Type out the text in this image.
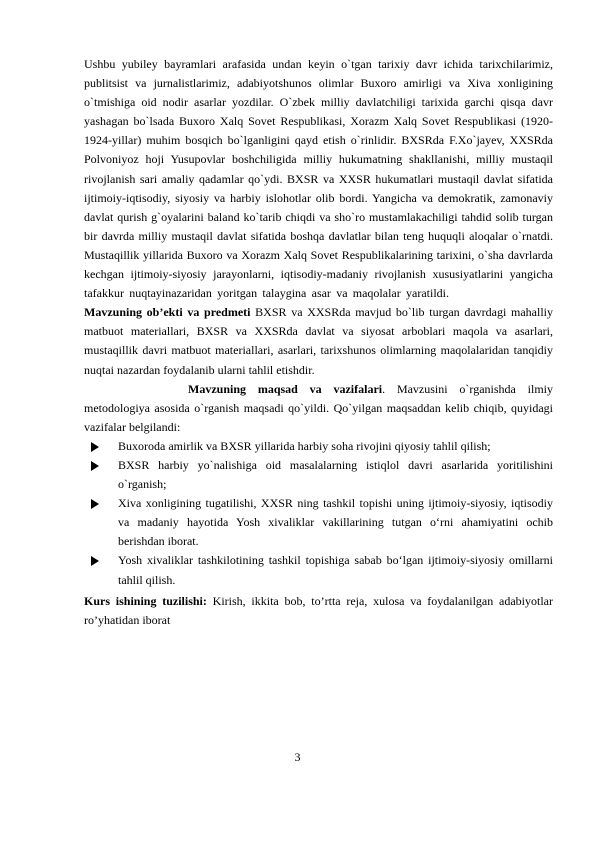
Ushbu yubiley bayramlari arafasida undan keyin o`tgan tarixiy davr ichida tarixchilarimiz, publitsist va jurnalistlarimiz, adabiyotshunos olimlar Buxoro amirligi va Xiva xonligining o`tmishiga oid nodir asarlar yozdilar. O`zbek milliy davlatchiligi tarixida garchi qisqa davr yashagan bo`lsada Buxoro Xalq Sovet Respublikasi, Xorazm Xalq Sovet Respublikasi (1920-1924-yillar) muhim bosqich bo`lganligini qayd etish o`rinlidir. BXSRda F.Xo`jayev, XXSRda Polvoniyoz hoji Yusupovlar boshchiligida milliy hukumatning shakllanishi, milliy mustaqil rivojlanish sari amaliy qadamlar qo`ydi. BXSR va XXSR hukumatlari mustaqil davlat sifatida ijtimoiy-iqtisodiy, siyosiy va harbiy islohotlar olib bordi. Yangicha va demokratik, zamonaviy davlat qurish g`oyalarini baland ko`tarib chiqdi va sho`ro mustamlakachiligi tahdid solib turgan bir davrda milliy mustaqil davlat sifatida boshqa davlatlar bilan teng huquqli aloqalar o`rnatdi. Mustaqillik yillarida Buxoro va Xorazm Xalq Sovet Respublikalarining tarixini, o`sha davrlarda kechgan ijtimoiy-siyosiy jarayonlarni, iqtisodiy-madaniy rivojlanish xususiyatlarini yangicha tafakkur nuqtayinazaridan yoritgan talaygina asar va maqolalar yaratildi.Mavzuning ob’ekti va predmeti BXSR va XXSRda mavjud bo`lib turgan davrdagi mahalliy matbuot materiallari, BXSR va XXSRda davlat va siyosat arboblari maqola va asarlari, mustaqillik davri matbuot materiallari, asarlari, tarixshunos olimlarning maqolalaridan tanqidiy nuqtai nazardan foydalanib ularni tahlil etishdir.

Mavzuning maqsad va vazifalari. Mavzusini o`rganishda ilmiy metodologiya asosida o`rganish maqsadi qo`yildi. Qo`yilgan maqsaddan kelib chiqib, quyidagi vazifalar belgilandi:

Buxoroda amirlik va BXSR yillarida harbiy soha rivojini qiyosiy tahlil qilish;
BXSR harbiy yo`nalishiga oid masalalarning istiqlol davri asarlarida yoritilishini o`rganish;
Xiva xonligining tugatilishi, XXSR ning tashkil topishi uning ijtimoiy-siyosiy, iqtisodiy va madaniy hayotida Yosh xivaliklar vakillarining tutgan o‘rni ahamiyatini ochib berishdan iborat.
Yosh xivaliklar tashkilotining tashkil topishiga sabab bo‘lgan ijtimoiy-siyosiy omillarni tahlil qilish.

Kurs ishining tuzilishi: Kirish, ikkita bob, to’rtta reja, xulosa va foydalanilgan adabiyotlar ro’yhatidan iborat

3
